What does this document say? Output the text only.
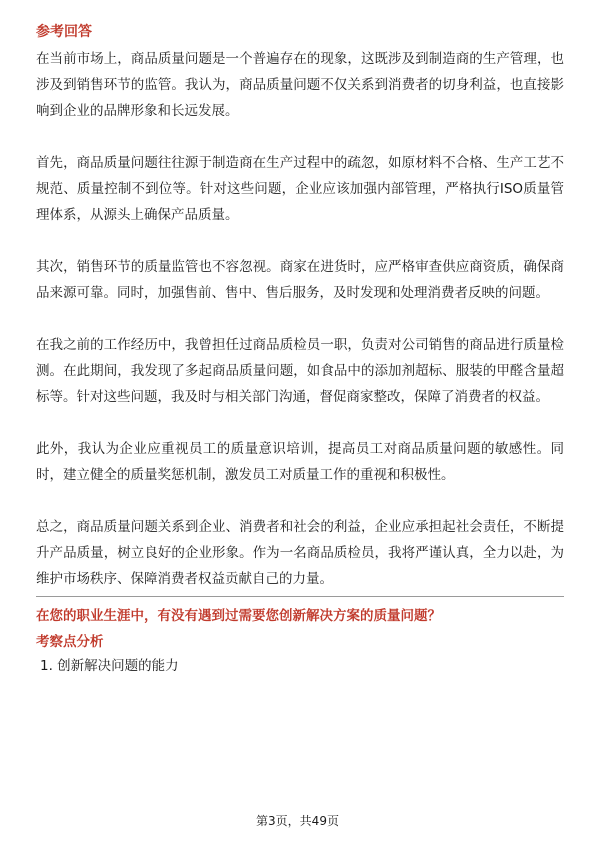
参考回答

在当前市场上，商品质量问题是一个普遍存在的现象，这既涉及到制造商的生产管理，也涉及到销售环节的监管。我认为，商品质量问题不仅关系到消费者的切身利益，也直接影响到企业的品牌形象和长远发展。

首先，商品质量问题往往源于制造商在生产过程中的疏忽，如原材料不合格、生产工艺不规范、质量控制不到位等。针对这些问题，企业应该加强内部管理，严格执行ISO质量管理体系，从源头上确保产品质量。

其次，销售环节的质量监管也不容忽视。商家在进货时，应严格审查供应商资质，确保商品来源可靠。同时，加强售前、售中、售后服务，及时发现和处理消费者反映的问题。

在我之前的工作经历中，我曾担任过商品质检员一职，负责对公司销售的商品进行质量检测。在此期间，我发现了多起商品质量问题，如食品中的添加剂超标、服装的甲醛含量超标等。针对这些问题，我及时与相关部门沟通，督促商家整改，保障了消费者的权益。

此外，我认为企业应重视员工的质量意识培训，提高员工对商品质量问题的敏感性。同时，建立健全的质量奖惩机制，激发员工对质量工作的重视和积极性。

总之，商品质量问题关系到企业、消费者和社会的利益，企业应承担起社会责任，不断提升产品质量，树立良好的企业形象。作为一名商品质检员，我将严谨认真，全力以赴，为维护市场秩序、保障消费者权益贡献自己的力量。

在您的职业生涯中，有没有遇到过需要您创新解决方案的质量问题？

考察点分析

1. 创新解决问题的能力

第3页，共49页
